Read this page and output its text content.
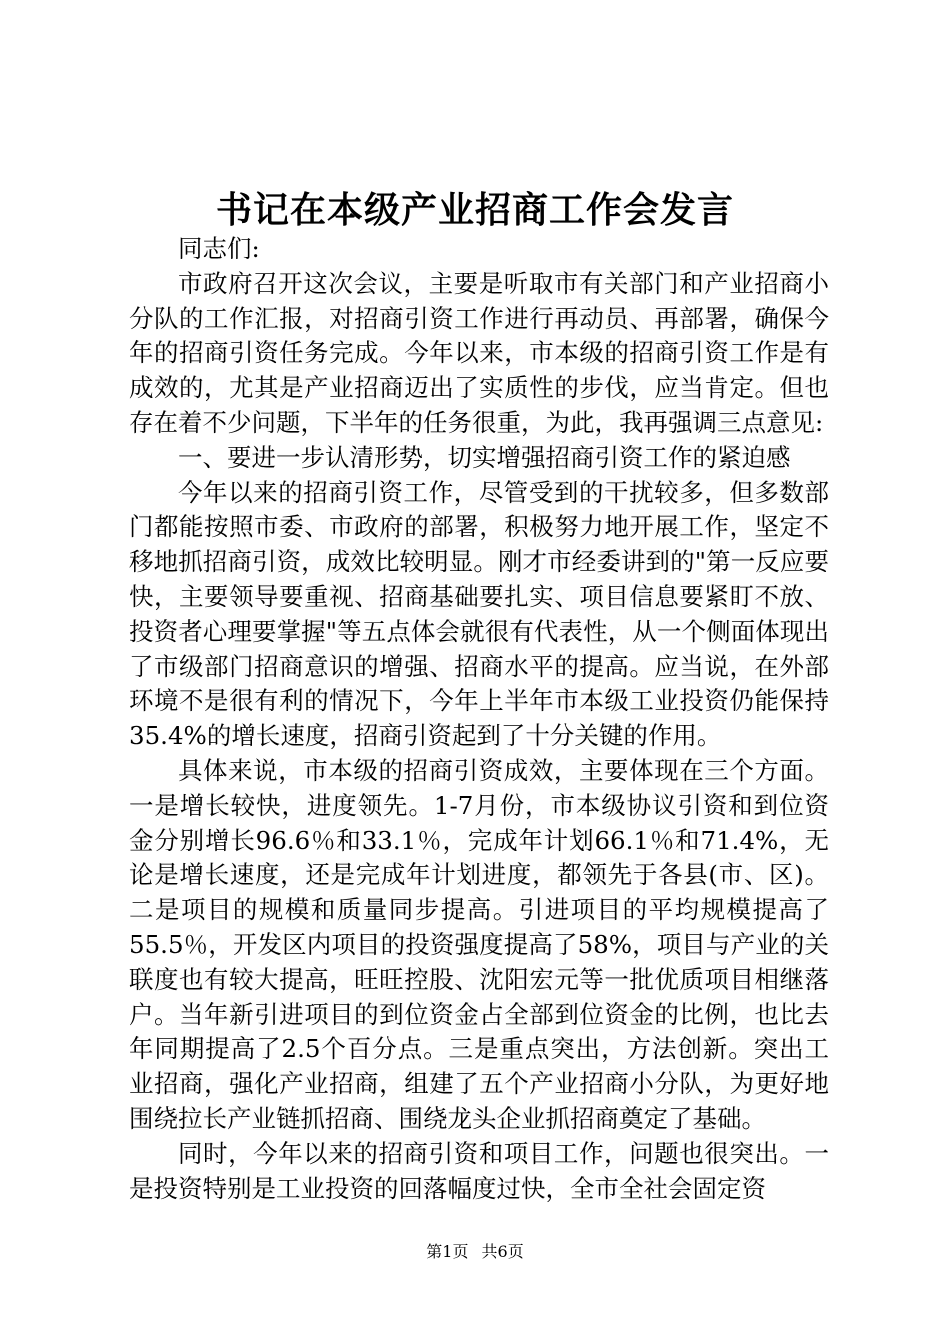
书记在本级产业招商工作会发言

同志们:

市政府召开这次会议，主要是听取市有关部门和产业招商小分队的工作汇报，对招商引资工作进行再动员、再部署，确保今年的招商引资任务完成。今年以来，市本级的招商引资工作是有成效的，尤其是产业招商迈出了实质性的步伐，应当肯定。但也存在着不少问题，下半年的任务很重，为此，我再强调三点意见:

一、要进一步认清形势，切实增强招商引资工作的紧迫感

今年以来的招商引资工作，尽管受到的干扰较多，但多数部门都能按照市委、市政府的部署，积极努力地开展工作，坚定不移地抓招商引资，成效比较明显。刚才市经委讲到的"第一反应要快，主要领导要重视、招商基础要扎实、项目信息要紧盯不放、投资者心理要掌握"等五点体会就很有代表性，从一个侧面体现出了市级部门招商意识的增强、招商水平的提高。应当说，在外部环境不是很有利的情况下，今年上半年市本级工业投资仍能保持35.4%的增长速度，招商引资起到了十分关键的作用。

具体来说，市本级的招商引资成效，主要体现在三个方面。一是增长较快，进度领先。1-7月份，市本级协议引资和到位资金分别增长96.6％和33.1％，完成年计划66.1％和71.4%，无论是增长速度，还是完成年计划进度，都领先于各县(市、区)。二是项目的规模和质量同步提高。引进项目的平均规模提高了55.5％，开发区内项目的投资强度提高了58%，项目与产业的关联度也有较大提高，旺旺控股、沈阳宏元等一批优质项目相继落户。当年新引进项目的到位资金占全部到位资金的比例，也比去年同期提高了2.5个百分点。三是重点突出，方法创新。突出工业招商，强化产业招商，组建了五个产业招商小分队，为更好地围绕拉长产业链抓招商、围绕龙头企业抓招商奠定了基础。

同时，今年以来的招商引资和项目工作，问题也很突出。一是投资特别是工业投资的回落幅度过快，全市全社会固定资

第1页 共6页
